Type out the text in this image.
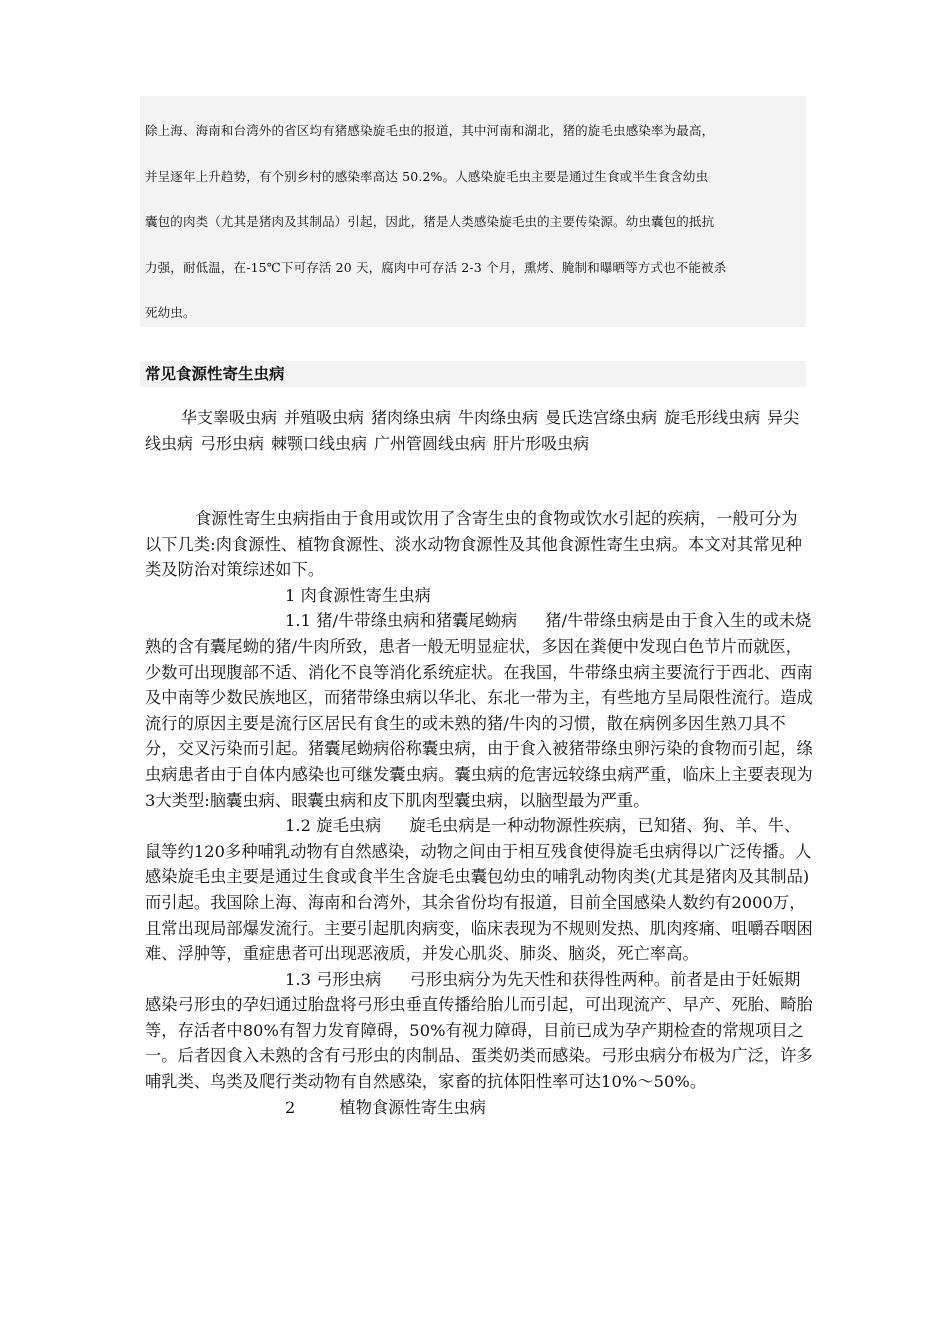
除上海、海南和台湾外的省区均有猪感染旋毛虫的报道，其中河南和湖北，猪的旋毛虫感染率为最高，

并呈逐年上升趋势，有个别乡村的感染率高达 50.2%。人感染旋毛虫主要是通过生食或半生食含幼虫

囊包的肉类（尤其是猪肉及其制品）引起，因此，猪是人类感染旋毛虫的主要传染源。幼虫囊包的抵抗

力强，耐低温，在-15℃下可存活 20 天，腐肉中可存活 2-3 个月，熏烤、腌制和曝晒等方式也不能被杀

死幼虫。

常见食源性寄生虫病

华支睾吸虫病 并殖吸虫病 猪肉绦虫病 牛肉绦虫病 曼氏迭宫绦虫病 旋毛形线虫病 异尖线虫病 弓形虫病 棘颚口线虫病 广州管圆线虫病 肝片形吸虫病

食源性寄生虫病指由于食用或饮用了含寄生虫的食物或饮水引起的疾病，一般可分为以下几类:肉食源性、植物食源性、淡水动物食源性及其他食源性寄生虫病。本文对其常见种类及防治对策综述如下。

1 肉食源性寄生虫病

1.1 猪/牛带绦虫病和猪囊尾蚴病 猪/牛带绦虫病是由于食入生的或未烧熟的含有囊尾蚴的猪/牛肉所致，患者一般无明显症状，多因在粪便中发现白色节片而就医，少数可出现腹部不适、消化不良等消化系统症状。在我国，牛带绦虫病主要流行于西北、西南及中南等少数民族地区，而猪带绦虫病以华北、东北一带为主，有些地方呈局限性流行。造成流行的原因主要是流行区居民有食生的或未熟的猪/牛肉的习惯，散在病例多因生熟刀具不分，交叉污染而引起。猪囊尾蚴病俗称囊虫病，由于食入被猪带绦虫卵污染的食物而引起，绦虫病患者由于自体内感染也可继发囊虫病。囊虫病的危害远较绦虫病严重，临床上主要表现为3大类型:脑囊虫病、眼囊虫病和皮下肌肉型囊虫病，以脑型最为严重。

1.2 旋毛虫病 旋毛虫病是一种动物源性疾病，已知猪、狗、羊、牛、鼠等约120多种哺乳动物有自然感染，动物之间由于相互残食使得旋毛虫病得以广泛传播。人感染旋毛虫主要是通过生食或食半生含旋毛虫囊包幼虫的哺乳动物肉类(尤其是猪肉及其制品)而引起。我国除上海、海南和台湾外，其余省份均有报道，目前全国感染人数约有2000万，且常出现局部爆发流行。主要引起肌肉病变，临床表现为不规则发热、肌肉疼痛、咀嚼吞咽困难、浮肿等，重症患者可出现恶液质，并发心肌炎、肺炎、脑炎，死亡率高。

1.3 弓形虫病 弓形虫病分为先天性和获得性两种。前者是由于妊娠期感染弓形虫的孕妇通过胎盘将弓形虫垂直传播给胎儿而引起，可出现流产、早产、死胎、畸胎等，存活者中80%有智力发育障碍，50%有视力障碍，目前已成为孕产期检查的常规项目之一。后者因食入未熟的含有弓形虫的肉制品、蛋类奶类而感染。弓形虫病分布极为广泛，许多哺乳类、鸟类及爬行类动物有自然感染，家畜的抗体阳性率可达10%～50%。

2	植物食源性寄生虫病
